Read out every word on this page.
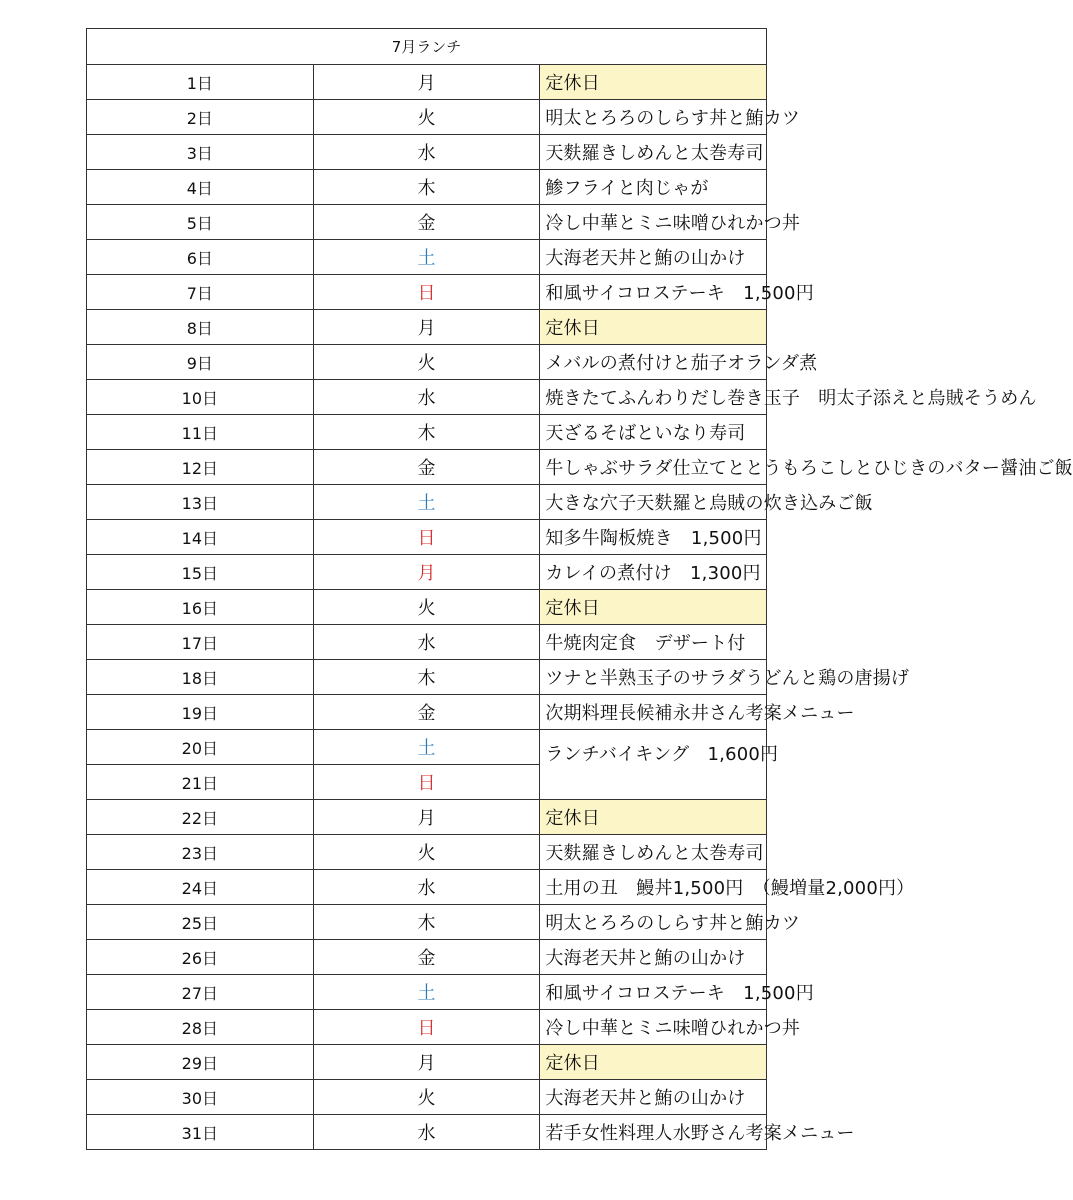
7月ランチ		
1日	月	定休日
2日	火	明太とろろのしらす丼と鮪カツ
3日	水	天麩羅きしめんと太巻寿司
4日	木	鯵フライと肉じゃが
5日	金	冷し中華とミニ味噌ひれかつ丼
6日	土	大海老天丼と鮪の山かけ
7日	日	和風サイコロステーキ　1,500円
8日	月	定休日
9日	火	メバルの煮付けと茄子オランダ煮
10日	水	焼きたてふんわりだし巻き玉子　明太子添えと烏賊そうめん
11日	木	天ざるそばといなり寿司
12日	金	牛しゃぶサラダ仕立てととうもろこしとひじきのバター醤油ご飯
13日	土	大きな穴子天麩羅と烏賊の炊き込みご飯
14日	日	知多牛陶板焼き　1,500円
15日	月	カレイの煮付け　1,300円
16日	火	定休日
17日	水	牛焼肉定食　デザート付
18日	木	ツナと半熟玉子のサラダうどんと鶏の唐揚げ
19日	金	次期料理長候補永井さん考案メニュー
20日	土	ランチバイキング　1,600円
21日	日	
22日	月	定休日
23日	火	天麩羅きしめんと太巻寿司
24日	水	土用の丑　鰻丼1,500円　（鰻増量2,000円）
25日	木	明太とろろのしらす丼と鮪カツ
26日	金	大海老天丼と鮪の山かけ
27日	土	和風サイコロステーキ　1,500円
28日	日	冷し中華とミニ味噌ひれかつ丼
29日	月	定休日
30日	火	大海老天丼と鮪の山かけ
31日	水	若手女性料理人水野さん考案メニュー
